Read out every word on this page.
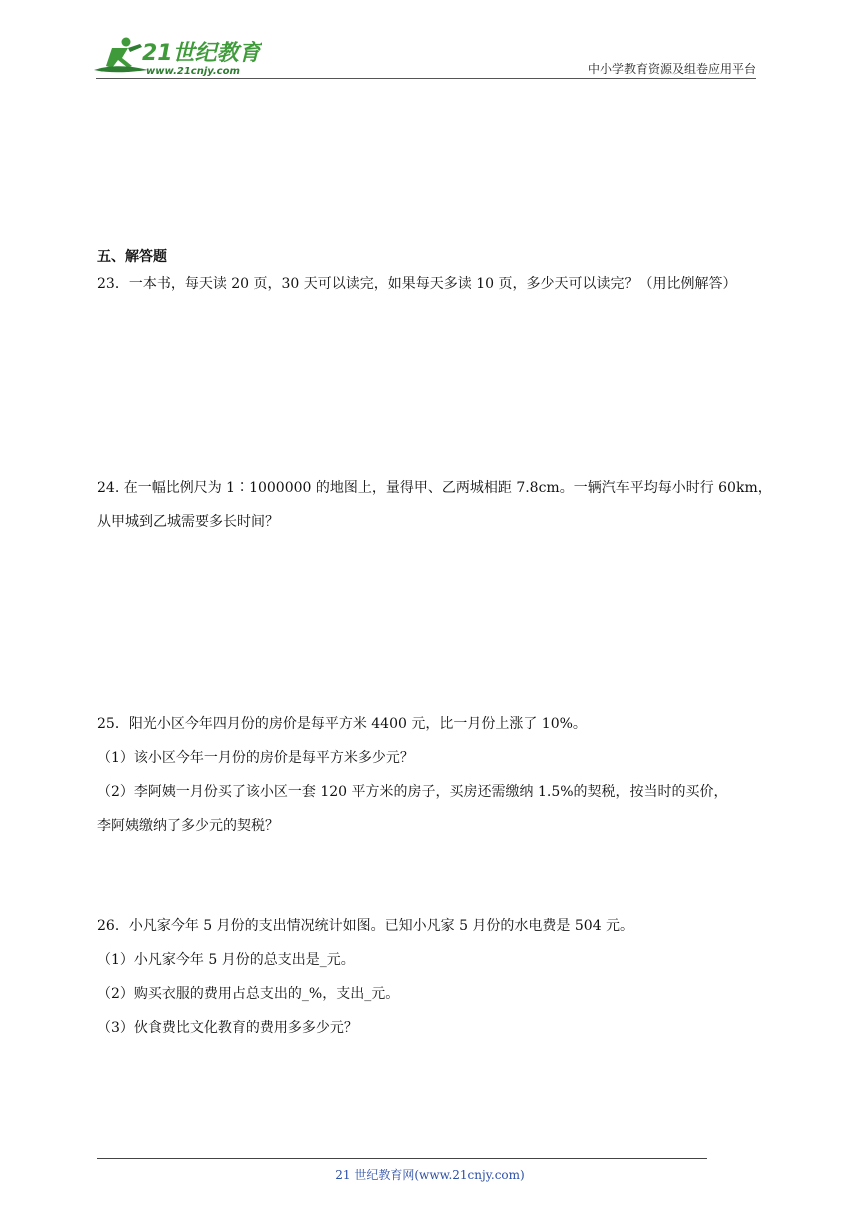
21世纪教育
www.21cnjy.com	中小学教育资源及组卷应用平台
五、解答题
23．一本书，每天读 20 页，30 天可以读完，如果每天多读 10 页，多少天可以读完？（用比例解答）
24. 在一幅比例尺为 1∶1000000 的地图上，量得甲、乙两城相距 7.8cm。一辆汽车平均每小时行 60km，
从甲城到乙城需要多长时间？
25．阳光小区今年四月份的房价是每平方米 4400 元，比一月份上涨了 10%。
（1）该小区今年一月份的房价是每平方米多少元？
（2）李阿姨一月份买了该小区一套 120 平方米的房子，买房还需缴纳 1.5%的契税，按当时的买价，
李阿姨缴纳了多少元的契税？
26．小凡家今年 5 月份的支出情况统计如图。已知小凡家 5 月份的水电费是 504 元。
（1）小凡家今年 5 月份的总支出是_元。
（2）购买衣服的费用占总支出的_%，支出_元。
（3）伙食费比文化教育的费用多多少元？
21 世纪教育网(www.21cnjy.com)
